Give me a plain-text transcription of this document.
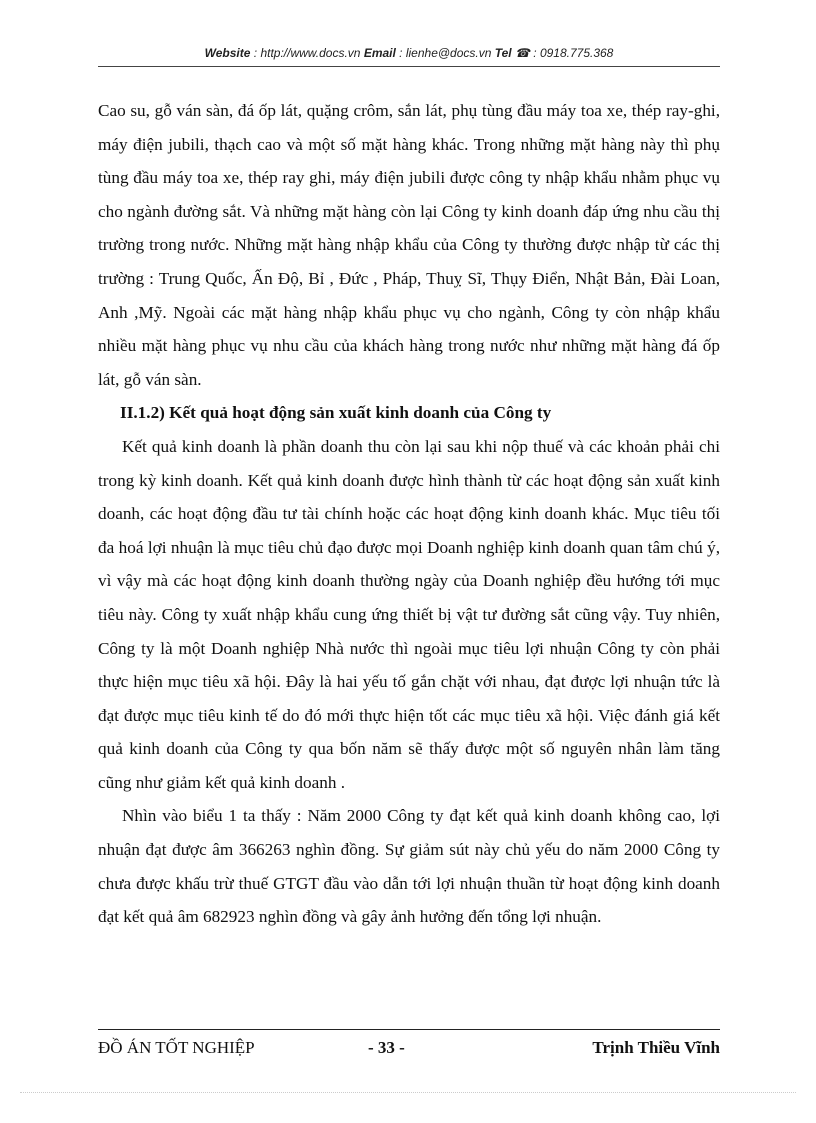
Website : http://www.docs.vn Email : lienhe@docs.vn Tel ☎ : 0918.775.368

Cao su, gỗ ván sàn, đá ốp lát, quặng crôm, sắn lát, phụ tùng đầu máy toa xe, thép ray-ghi, máy điện jubili, thạch cao và một số mặt hàng khác. Trong những mặt hàng này thì phụ tùng đầu máy toa xe, thép ray ghi, máy điện jubili được công ty nhập khẩu nhằm phục vụ cho ngành đường sắt. Và những mặt hàng còn lại Công ty kinh doanh đáp ứng nhu cầu thị trường trong nước. Những mặt hàng nhập khẩu của Công ty thường được nhập từ các thị trường : Trung Quốc, Ấn Độ, Bỉ , Đức , Pháp, Thuỵ Sĩ, Thụy Điển, Nhật Bản, Đài Loan, Anh ,Mỹ. Ngoài các mặt hàng nhập khẩu phục vụ cho ngành, Công ty còn nhập khẩu nhiều mặt hàng phục vụ nhu cầu của khách hàng trong nước như những mặt hàng đá ốp lát, gỗ ván sàn.

II.1.2) Kết quả hoạt động sản xuất kinh doanh của Công ty

Kết quả kinh doanh là phần doanh thu còn lại sau khi nộp thuế và các khoản phải chi trong kỳ kinh doanh. Kết quả kinh doanh được hình thành từ các hoạt động sản xuất kinh doanh, các hoạt động đầu tư tài chính hoặc các hoạt động kinh doanh khác. Mục tiêu tối đa hoá lợi nhuận là mục tiêu chủ đạo được mọi Doanh nghiệp kinh doanh quan tâm chú ý, vì vậy mà các hoạt động kinh doanh thường ngày của Doanh nghiệp đều hướng tới mục tiêu này. Công ty xuất nhập khẩu cung ứng thiết bị vật tư đường sắt cũng vậy. Tuy nhiên, Công ty là một Doanh nghiệp Nhà nước thì ngoài mục tiêu lợi nhuận Công ty còn phải thực hiện mục tiêu xã hội. Đây là hai yếu tố gắn chặt với nhau, đạt được lợi nhuận tức là đạt được mục tiêu kinh tế do đó mới thực hiện tốt các mục tiêu xã hội. Việc đánh giá kết quả kinh doanh của Công ty qua bốn năm sẽ thấy được một số nguyên nhân làm tăng cũng như giảm kết quả kinh doanh .

Nhìn vào biểu 1 ta thấy : Năm 2000 Công ty đạt kết quả kinh doanh không cao, lợi nhuận đạt được âm 366263 nghìn đồng. Sự giảm sút này chủ yếu do năm 2000 Công ty chưa được khấu trừ thuế GTGT đầu vào dẫn tới lợi nhuận thuần từ hoạt động kinh doanh đạt kết quả âm 682923 nghìn đồng và gây ảnh hưởng đến tổng lợi nhuận.

ĐỒ ÁN TỐT NGHIỆP	- 33 -	Trịnh Thiều Vĩnh
